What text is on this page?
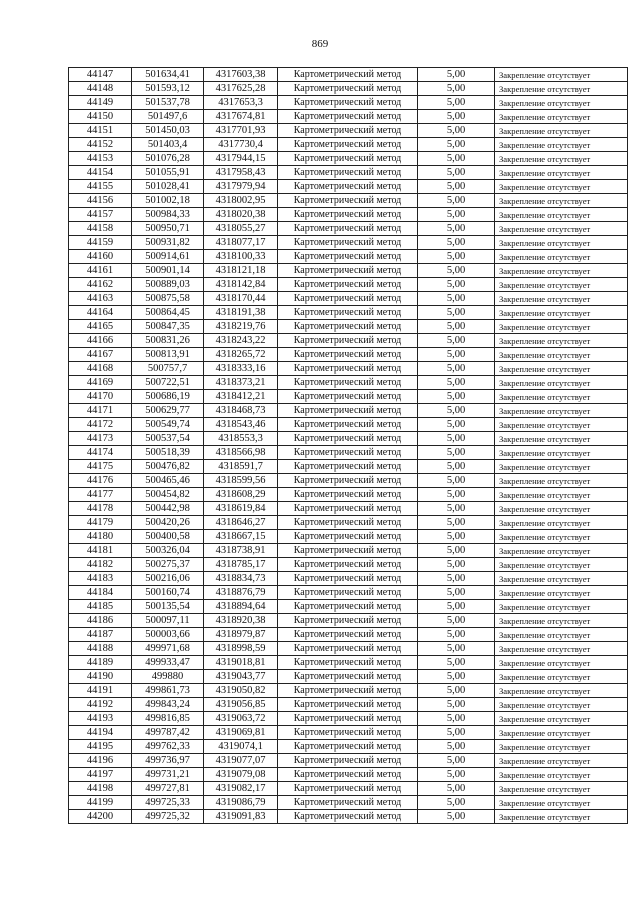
869
44147	501634,41	4317603,38	Картометрический метод	5,00	Закрепление отсутствует
44148	501593,12	4317625,28	Картометрический метод	5,00	Закрепление отсутствует
44149	501537,78	4317653,3	Картометрический метод	5,00	Закрепление отсутствует
44150	501497,6	4317674,81	Картометрический метод	5,00	Закрепление отсутствует
44151	501450,03	4317701,93	Картометрический метод	5,00	Закрепление отсутствует
44152	501403,4	4317730,4	Картометрический метод	5,00	Закрепление отсутствует
44153	501076,28	4317944,15	Картометрический метод	5,00	Закрепление отсутствует
44154	501055,91	4317958,43	Картометрический метод	5,00	Закрепление отсутствует
44155	501028,41	4317979,94	Картометрический метод	5,00	Закрепление отсутствует
44156	501002,18	4318002,95	Картометрический метод	5,00	Закрепление отсутствует
44157	500984,33	4318020,38	Картометрический метод	5,00	Закрепление отсутствует
44158	500950,71	4318055,27	Картометрический метод	5,00	Закрепление отсутствует
44159	500931,82	4318077,17	Картометрический метод	5,00	Закрепление отсутствует
44160	500914,61	4318100,33	Картометрический метод	5,00	Закрепление отсутствует
44161	500901,14	4318121,18	Картометрический метод	5,00	Закрепление отсутствует
44162	500889,03	4318142,84	Картометрический метод	5,00	Закрепление отсутствует
44163	500875,58	4318170,44	Картометрический метод	5,00	Закрепление отсутствует
44164	500864,45	4318191,38	Картометрический метод	5,00	Закрепление отсутствует
44165	500847,35	4318219,76	Картометрический метод	5,00	Закрепление отсутствует
44166	500831,26	4318243,22	Картометрический метод	5,00	Закрепление отсутствует
44167	500813,91	4318265,72	Картометрический метод	5,00	Закрепление отсутствует
44168	500757,7	4318333,16	Картометрический метод	5,00	Закрепление отсутствует
44169	500722,51	4318373,21	Картометрический метод	5,00	Закрепление отсутствует
44170	500686,19	4318412,21	Картометрический метод	5,00	Закрепление отсутствует
44171	500629,77	4318468,73	Картометрический метод	5,00	Закрепление отсутствует
44172	500549,74	4318543,46	Картометрический метод	5,00	Закрепление отсутствует
44173	500537,54	4318553,3	Картометрический метод	5,00	Закрепление отсутствует
44174	500518,39	4318566,98	Картометрический метод	5,00	Закрепление отсутствует
44175	500476,82	4318591,7	Картометрический метод	5,00	Закрепление отсутствует
44176	500465,46	4318599,56	Картометрический метод	5,00	Закрепление отсутствует
44177	500454,82	4318608,29	Картометрический метод	5,00	Закрепление отсутствует
44178	500442,98	4318619,84	Картометрический метод	5,00	Закрепление отсутствует
44179	500420,26	4318646,27	Картометрический метод	5,00	Закрепление отсутствует
44180	500400,58	4318667,15	Картометрический метод	5,00	Закрепление отсутствует
44181	500326,04	4318738,91	Картометрический метод	5,00	Закрепление отсутствует
44182	500275,37	4318785,17	Картометрический метод	5,00	Закрепление отсутствует
44183	500216,06	4318834,73	Картометрический метод	5,00	Закрепление отсутствует
44184	500160,74	4318876,79	Картометрический метод	5,00	Закрепление отсутствует
44185	500135,54	4318894,64	Картометрический метод	5,00	Закрепление отсутствует
44186	500097,11	4318920,38	Картометрический метод	5,00	Закрепление отсутствует
44187	500003,66	4318979,87	Картометрический метод	5,00	Закрепление отсутствует
44188	499971,68	4318998,59	Картометрический метод	5,00	Закрепление отсутствует
44189	499933,47	4319018,81	Картометрический метод	5,00	Закрепление отсутствует
44190	499880	4319043,77	Картометрический метод	5,00	Закрепление отсутствует
44191	499861,73	4319050,82	Картометрический метод	5,00	Закрепление отсутствует
44192	499843,24	4319056,85	Картометрический метод	5,00	Закрепление отсутствует
44193	499816,85	4319063,72	Картометрический метод	5,00	Закрепление отсутствует
44194	499787,42	4319069,81	Картометрический метод	5,00	Закрепление отсутствует
44195	499762,33	4319074,1	Картометрический метод	5,00	Закрепление отсутствует
44196	499736,97	4319077,07	Картометрический метод	5,00	Закрепление отсутствует
44197	499731,21	4319079,08	Картометрический метод	5,00	Закрепление отсутствует
44198	499727,81	4319082,17	Картометрический метод	5,00	Закрепление отсутствует
44199	499725,33	4319086,79	Картометрический метод	5,00	Закрепление отсутствует
44200	499725,32	4319091,83	Картометрический метод	5,00	Закрепление отсутствует
